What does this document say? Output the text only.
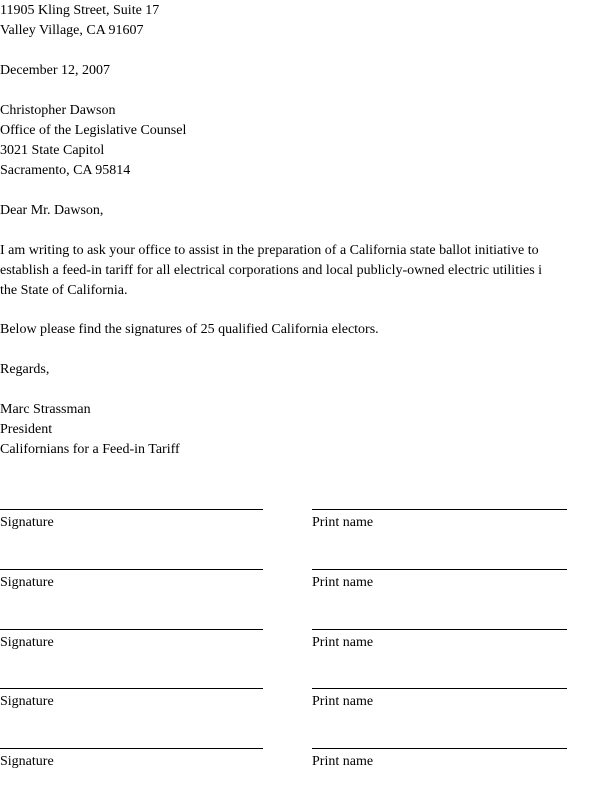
11905 Kling Street, Suite 17
Valley Village, CA 91607
December 12, 2007
Christopher Dawson
Office of the Legislative Counsel
3021 State Capitol
Sacramento, CA 95814
Dear Mr. Dawson,
I am writing to ask your office to assist in the preparation of a California state ballot initiative to
establish a feed-in tariff for all electrical corporations and local publicly-owned electric utilities i
the State of California.
Below please find the signatures of 25 qualified California electors.
Regards,
Marc Strassman
President
Californians for a Feed-in Tariff
Signature	Print name
Signature	Print name
Signature	Print name
Signature	Print name
Signature	Print name
